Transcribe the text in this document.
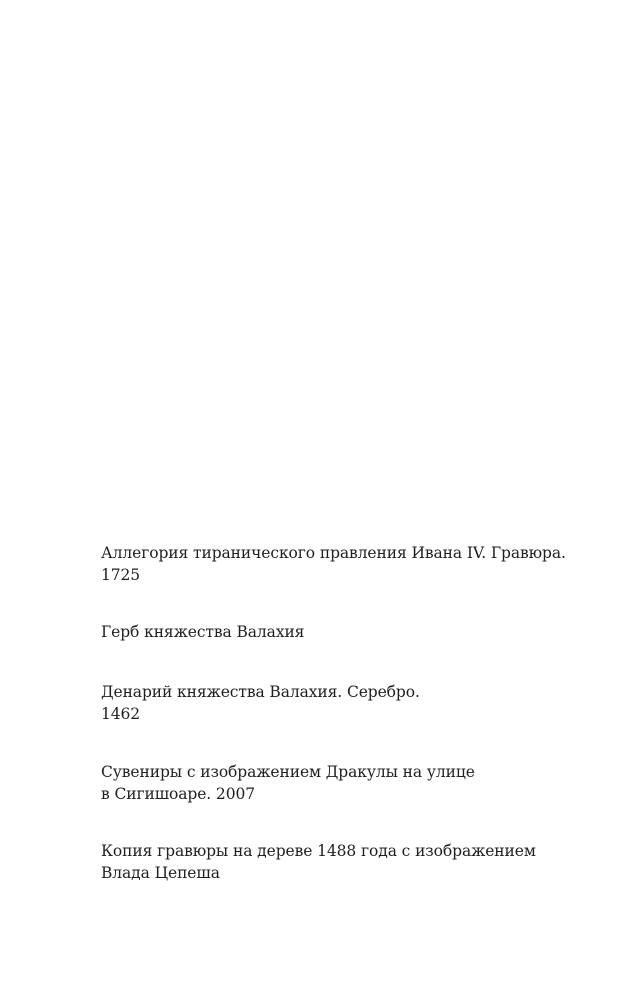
Аллегория тиранического правления Ивана IV. Гравюра.
1725
Герб княжества Валахия
Денарий княжества Валахия. Серебро.
1462
Сувениры с изображением Дракулы на улице
в Сигишоаре. 2007
Копия гравюры на дереве 1488 года с изображением
Влада Цепеша
